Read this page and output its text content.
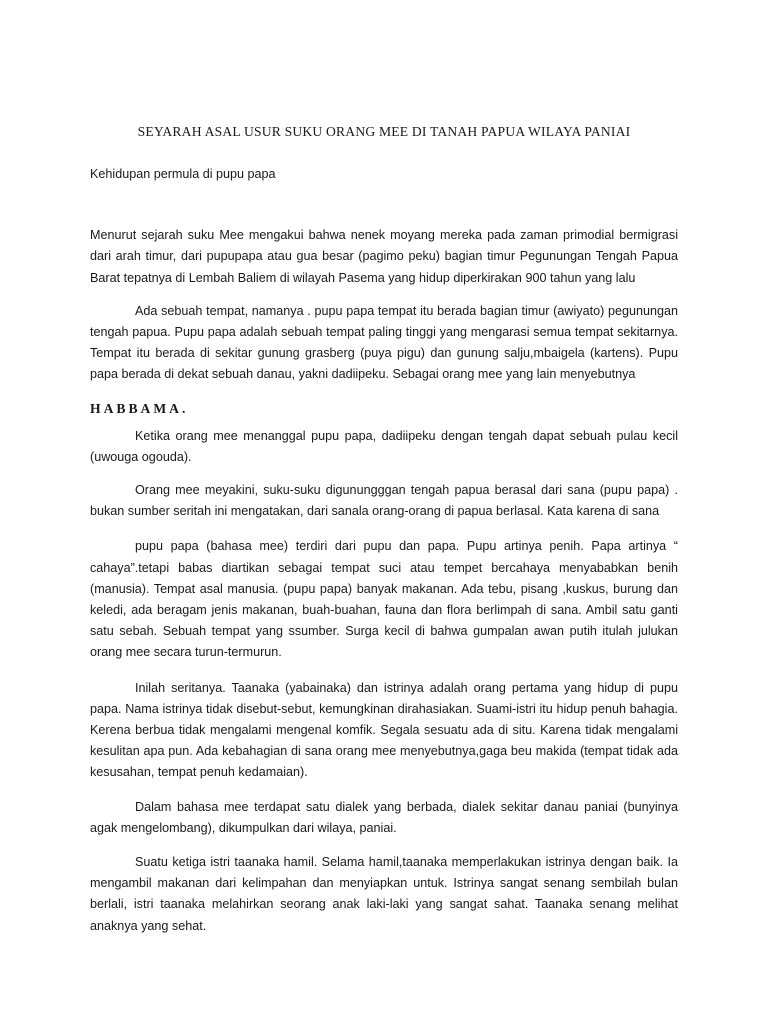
SEYARAH ASAL USUR SUKU ORANG MEE DI TANAH PAPUA WILAYA PANIAI

Kehidupan permula di pupu papa

Menurut sejarah suku Mee mengakui bahwa nenek moyang mereka pada zaman primodial bermigrasi dari arah timur, dari pupupapa atau gua besar (pagimo peku) bagian timur Pegunungan Tengah Papua Barat tepatnya di Lembah Baliem di wilayah Pasema yang hidup diperkirakan 900 tahun yang lalu

Ada sebuah tempat, namanya . pupu papa tempat itu berada bagian timur (awiyato) pegunungan tengah papua. Pupu papa adalah sebuah tempat paling tinggi yang mengarasi semua tempat sekitarnya. Tempat itu berada di sekitar gunung grasberg (puya pigu) dan gunung salju,mbaigela (kartens). Pupu papa berada di dekat sebuah danau, yakni dadiipeku. Sebagai orang mee yang lain menyebutnya

HABBAMA.

Ketika orang mee menanggal pupu papa, dadiipeku dengan tengah dapat sebuah pulau kecil (uwouga ogouda).

Orang mee meyakini, suku-suku digunungggan tengah papua berasal dari sana (pupu papa) . bukan sumber seritah ini mengatakan, dari sanala orang-orang di papua berlasal. Kata karena di sana

pupu papa (bahasa mee) terdiri dari pupu dan papa. Pupu artinya penih. Papa artinya “ cahaya”.tetapi babas diartikan sebagai tempat suci atau tempet bercahaya menyababkan benih (manusia). Tempat asal manusia. (pupu papa) banyak makanan. Ada tebu, pisang ,kuskus, burung dan keledi, ada beragam jenis makanan, buah-buahan, fauna dan flora berlimpah di sana. Ambil satu ganti satu sebah. Sebuah tempat yang ssumber. Surga kecil di bahwa gumpalan awan putih itulah julukan orang mee secara turun-termurun.

Inilah seritanya. Taanaka (yabainaka) dan istrinya adalah orang pertama yang hidup di pupu papa. Nama istrinya tidak disebut-sebut, kemungkinan dirahasiakan. Suami-istri itu hidup penuh bahagia. Kerena berbua tidak mengalami mengenal komfik. Segala sesuatu ada di situ. Karena tidak mengalami kesulitan apa pun. Ada kebahagian di sana orang mee menyebutnya,gaga beu makida (tempat tidak ada kesusahan, tempat penuh kedamaian).

Dalam bahasa mee terdapat satu dialek yang berbada, dialek sekitar danau paniai (bunyinya agak mengelombang), dikumpulkan dari wilaya, paniai.

Suatu ketiga istri taanaka hamil. Selama hamil,taanaka memperlakukan istrinya dengan baik. Ia mengambil makanan dari kelimpahan dan menyiapkan untuk. Istrinya sangat senang sembilah bulan berlali, istri taanaka melahirkan seorang anak laki-laki yang sangat sahat. Taanaka senang melihat anaknya yang sehat.
